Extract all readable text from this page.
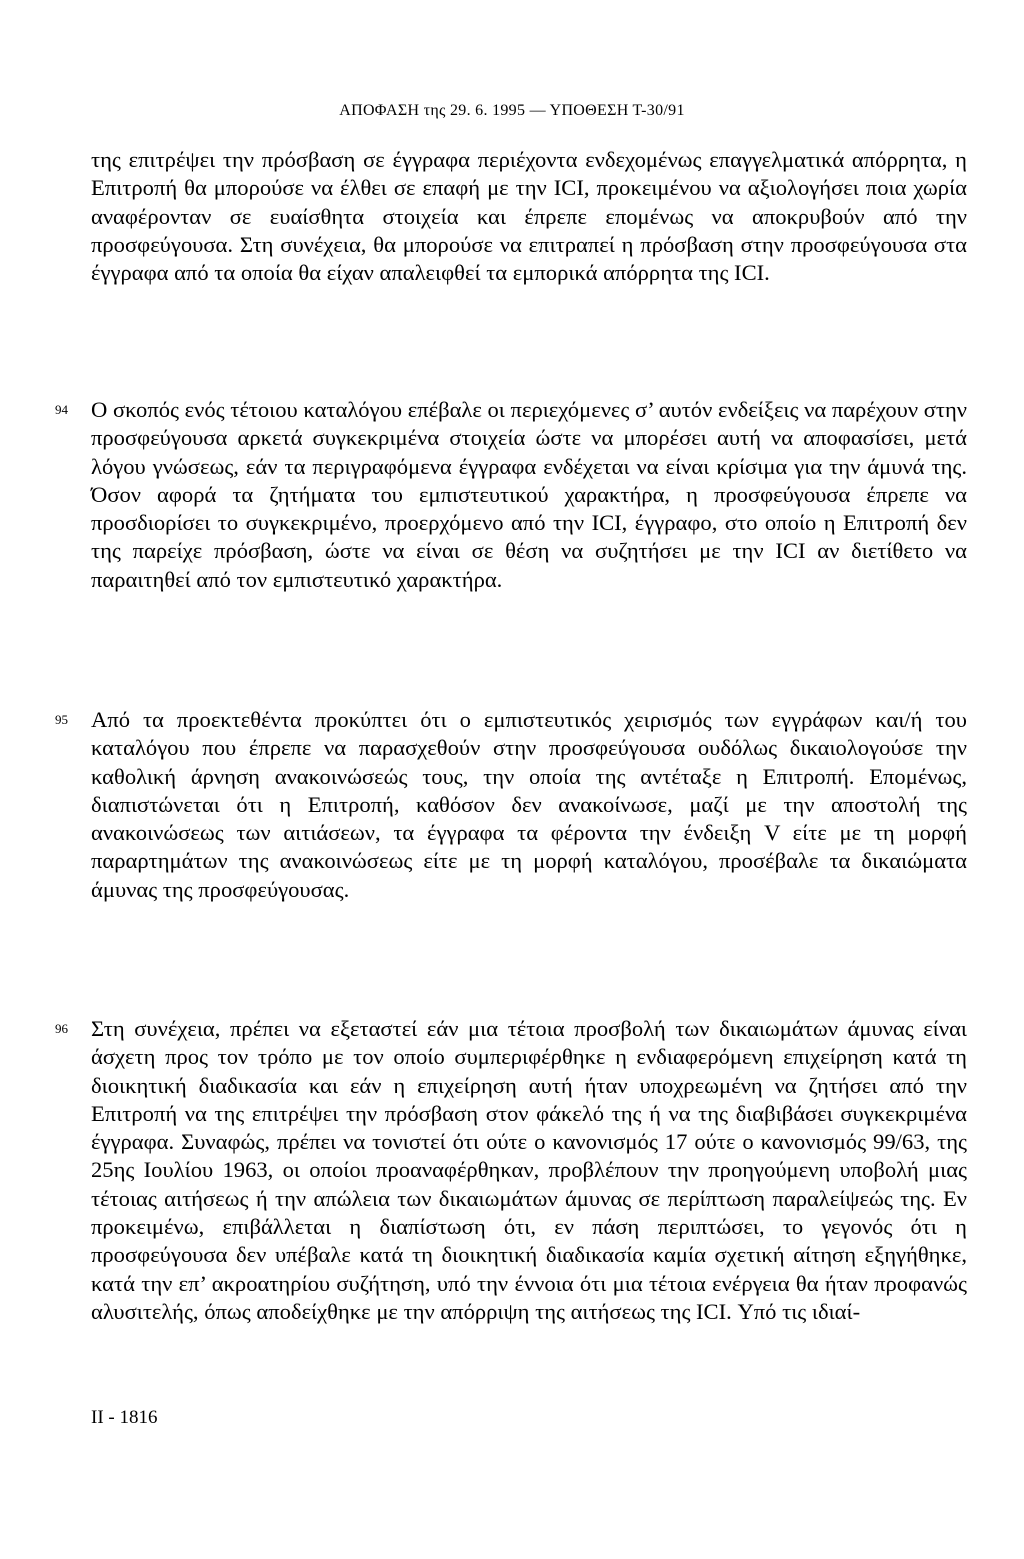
ΑΠΟΦΑΣΗ της 29. 6. 1995 — ΥΠΟΘΕΣΗ Τ-30/91

της επιτρέψει την πρόσβαση σε έγγραφα περιέχοντα ενδεχομένως επαγγελματικά απόρρητα, η Επιτροπή θα μπορούσε να έλθει σε επαφή με την ICI, προκειμένου να αξιολογήσει ποια χωρία αναφέρονταν σε ευαίσθητα στοιχεία και έπρεπε επομένως να αποκρυβούν από την προσφεύγουσα. Στη συνέχεια, θα μπορούσε να επιτραπεί η πρόσβαση στην προσφεύγουσα στα έγγραφα από τα οποία θα είχαν απαλειφθεί τα εμπορικά απόρρητα της ICI.

94 Ο σκοπός ενός τέτοιου καταλόγου επέβαλε οι περιεχόμενες σ’ αυτόν ενδείξεις να παρέχουν στην προσφεύγουσα αρκετά συγκεκριμένα στοιχεία ώστε να μπορέσει αυτή να αποφασίσει, μετά λόγου γνώσεως, εάν τα περιγραφόμενα έγγραφα ενδέχεται να είναι κρίσιμα για την άμυνά της. Όσον αφορά τα ζητήματα του εμπιστευτικού χαρακτήρα, η προσφεύγουσα έπρεπε να προσδιορίσει το συγκεκριμένο, προερχόμενο από την ICI, έγγραφο, στο οποίο η Επιτροπή δεν της παρείχε πρόσβαση, ώστε να είναι σε θέση να συζητήσει με την ICI αν διετίθετο να παραιτηθεί από τον εμπιστευτικό χαρακτήρα.

95 Από τα προεκτεθέντα προκύπτει ότι ο εμπιστευτικός χειρισμός των εγγράφων και/ή του καταλόγου που έπρεπε να παρασχεθούν στην προσφεύγουσα ουδόλως δικαιολογούσε την καθολική άρνηση ανακοινώσεώς τους, την οποία της αντέταξε η Επιτροπή. Επομένως, διαπιστώνεται ότι η Επιτροπή, καθόσον δεν ανακοίνωσε, μαζί με την αποστολή της ανακοινώσεως των αιτιάσεων, τα έγγραφα τα φέροντα την ένδειξη V είτε με τη μορφή παραρτημάτων της ανακοινώσεως είτε με τη μορφή καταλόγου, προσέβαλε τα δικαιώματα άμυνας της προσφεύγουσας.

96 Στη συνέχεια, πρέπει να εξεταστεί εάν μια τέτοια προσβολή των δικαιωμάτων άμυνας είναι άσχετη προς τον τρόπο με τον οποίο συμπεριφέρθηκε η ενδιαφερόμενη επιχείρηση κατά τη διοικητική διαδικασία και εάν η επιχείρηση αυτή ήταν υποχρεωμένη να ζητήσει από την Επιτροπή να της επιτρέψει την πρόσβαση στον φάκελό της ή να της διαβιβάσει συγκεκριμένα έγγραφα. Συναφώς, πρέπει να τονιστεί ότι ούτε ο κανονισμός 17 ούτε ο κανονισμός 99/63, της 25ης Ιουλίου 1963, οι οποίοι προαναφέρθηκαν, προβλέπουν την προηγούμενη υποβολή μιας τέτοιας αιτήσεως ή την απώλεια των δικαιωμάτων άμυνας σε περίπτωση παραλείψεώς της. Εν προκειμένω, επιβάλλεται η διαπίστωση ότι, εν πάση περιπτώσει, το γεγονός ότι η προσφεύγουσα δεν υπέβαλε κατά τη διοικητική διαδικασία καμία σχετική αίτηση εξηγήθηκε, κατά την επ’ ακροατηρίου συζήτηση, υπό την έννοια ότι μια τέτοια ενέργεια θα ήταν προφανώς αλυσιτελής, όπως αποδείχθηκε με την απόρριψη της αιτήσεως της ICI. Υπό τις ιδιαί-

II - 1816
